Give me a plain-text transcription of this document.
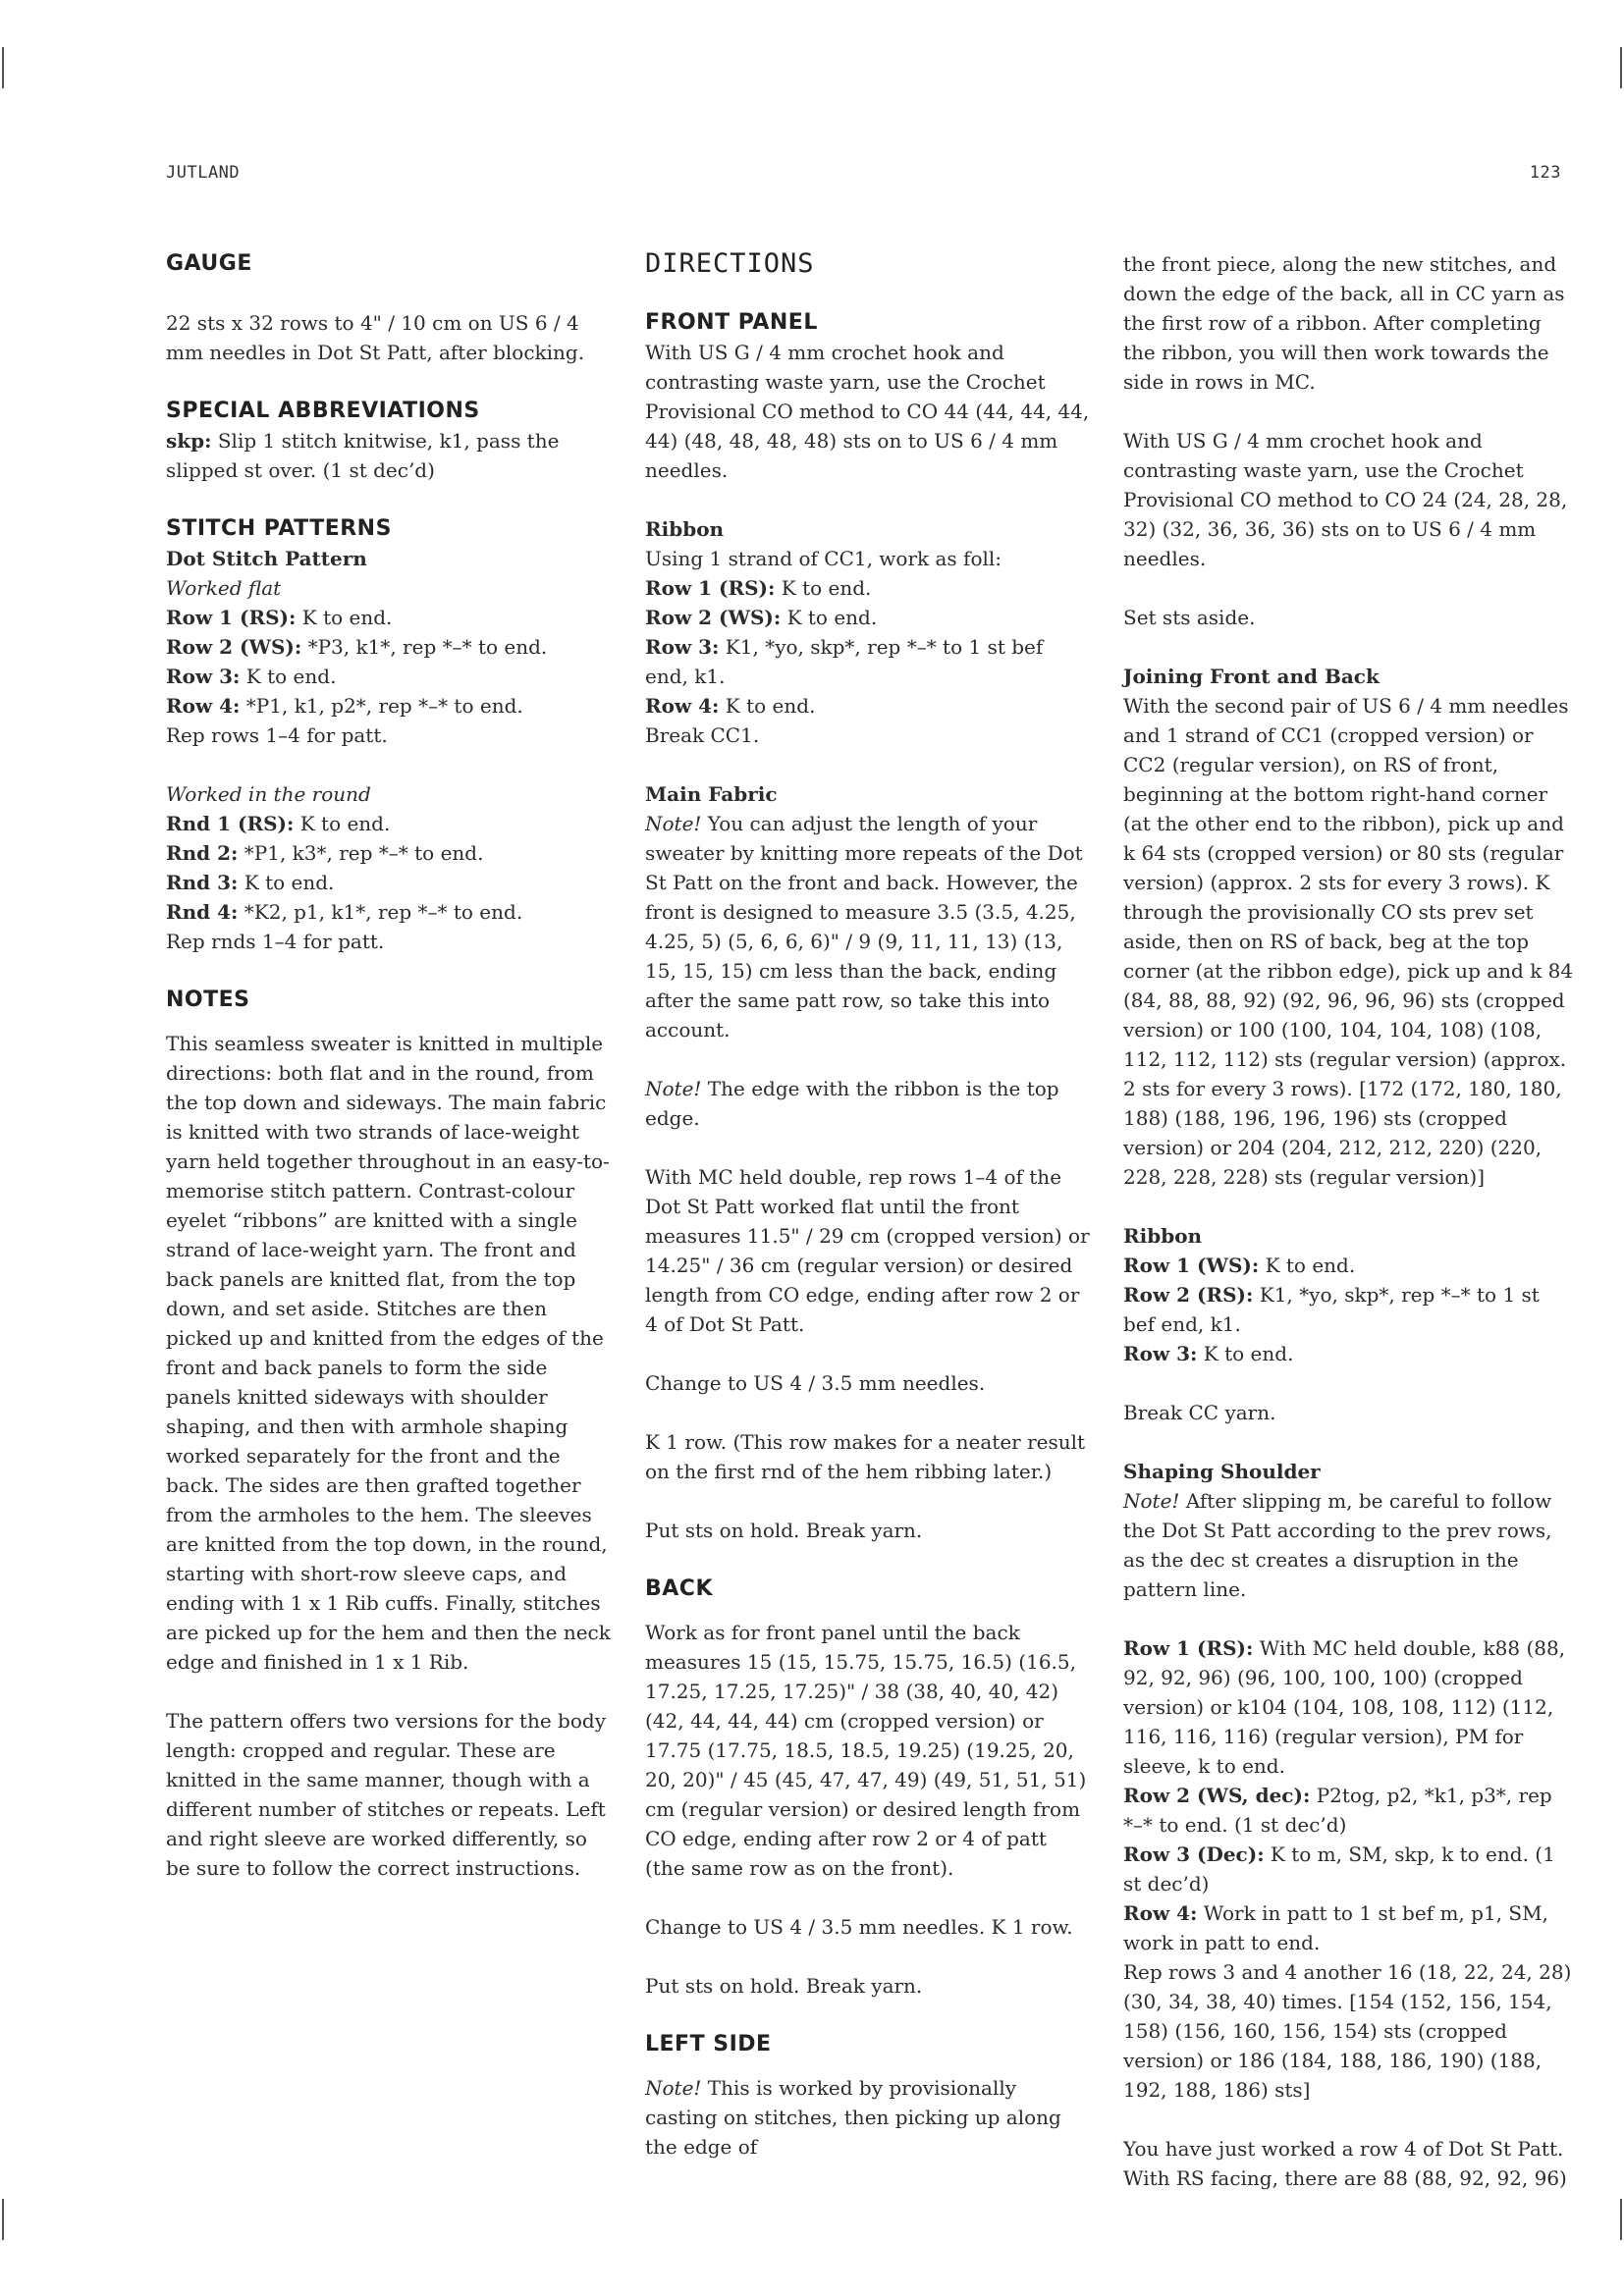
JUTLAND	123
GAUGE

22 sts x 32 rows to 4" / 10 cm on US 6 / 4 mm needles in Dot St Patt, after blocking.

SPECIAL ABBREVIATIONS

skp: Slip 1 stitch knitwise, k1, pass the slipped st over. (1 st dec’d)

STITCH PATTERNS
Dot Stitch Pattern

Worked flat

Row 1 (RS): K to end.

Row 2 (WS): *P3, k1*, rep *–* to end.

Row 3: K to end.

Row 4: *P1, k1, p2*, rep *–* to end.

Rep rows 1–4 for patt.

Worked in the round

Rnd 1 (RS): K to end.

Rnd 2: *P1, k3*, rep *–* to end.

Rnd 3: K to end.

Rnd 4: *K2, p1, k1*, rep *–* to end.

Rep rnds 1–4 for patt.

NOTES

This seamless sweater is knitted in multiple directions: both flat and in the round, from the top down and sideways. The main fabric is knitted with two strands of lace-weight yarn held together throughout in an easy-to-memorise stitch pattern. Contrast-colour eyelet “ribbons” are knitted with a single strand of lace-weight yarn. The front and back panels are knitted flat, from the top down, and set aside. Stitches are then picked up and knitted from the edges of the front and back panels to form the side panels knitted sideways with shoulder shaping, and then with armhole shaping worked separately for the front and the back. The sides are then grafted together from the armholes to the hem. The sleeves are knitted from the top down, in the round, starting with short-row sleeve caps, and ending with 1 x 1 Rib cuffs. Finally, stitches are picked up for the hem and then the neck edge and finished in 1 x 1 Rib.

The pattern offers two versions for the body length: cropped and regular. These are knitted in the same manner, though with a different number of stitches or repeats. Left and right sleeve are worked differently, so be sure to follow the correct instructions.

DIRECTIONS
FRONT PANEL

With US G / 4 mm crochet hook and contrasting waste yarn, use the Crochet Provisional CO method to CO 44 (44, 44, 44, 44) (48, 48, 48, 48) sts on to US 6 / 4 mm needles.

Ribbon

Using 1 strand of CC1, work as foll:

Row 1 (RS): K to end.

Row 2 (WS): K to end.

Row 3: K1, *yo, skp*, rep *–* to 1 st bef end, k1.

Row 4: K to end.

Break CC1.

Main Fabric

Note! You can adjust the length of your sweater by knitting more repeats of the Dot St Patt on the front and back. However, the front is designed to measure 3.5 (3.5, 4.25, 4.25, 5) (5, 6, 6, 6)" / 9 (9, 11, 11, 13) (13, 15, 15, 15) cm less than the back, ending after the same patt row, so take this into account.

Note! The edge with the ribbon is the top edge.

With MC held double, rep rows 1–4 of the Dot St Patt worked flat until the front measures 11.5" / 29 cm (cropped version) or 14.25" / 36 cm (regular version) or desired length from CO edge, ending after row 2 or 4 of Dot St Patt.

Change to US 4 / 3.5 mm needles.

K 1 row. (This row makes for a neater result on the first rnd of the hem ribbing later.)

Put sts on hold. Break yarn.

BACK

Work as for front panel until the back measures 15 (15, 15.75, 15.75, 16.5) (16.5, 17.25, 17.25, 17.25)" / 38 (38, 40, 40, 42) (42, 44, 44, 44) cm (cropped version) or 17.75 (17.75, 18.5, 18.5, 19.25) (19.25, 20, 20, 20)" / 45 (45, 47, 47, 49) (49, 51, 51, 51) cm (regular version) or desired length from CO edge, ending after row 2 or 4 of patt (the same row as on the front).

Change to US 4 / 3.5 mm needles. K 1 row.

Put sts on hold. Break yarn.

LEFT SIDE

Note! This is worked by provisionally casting on stitches, then picking up along the edge of

the front piece, along the new stitches, and down the edge of the back, all in CC yarn as the first row of a ribbon. After completing the ribbon, you will then work towards the side in rows in MC.

With US G / 4 mm crochet hook and contrasting waste yarn, use the Crochet Provisional CO method to CO 24 (24, 28, 28, 32) (32, 36, 36, 36) sts on to US 6 / 4 mm needles.

Set sts aside.

Joining Front and Back

With the second pair of US 6 / 4 mm needles and 1 strand of CC1 (cropped version) or CC2 (regular version), on RS of front, beginning at the bottom right-hand corner (at the other end to the ribbon), pick up and k 64 sts (cropped version) or 80 sts (regular version) (approx. 2 sts for every 3 rows). K through the provisionally CO sts prev set aside, then on RS of back, beg at the top corner (at the ribbon edge), pick up and k 84 (84, 88, 88, 92) (92, 96, 96, 96) sts (cropped version) or 100 (100, 104, 104, 108) (108, 112, 112, 112) sts (regular version) (approx. 2 sts for every 3 rows). [172 (172, 180, 180, 188) (188, 196, 196, 196) sts (cropped version) or 204 (204, 212, 212, 220) (220, 228, 228, 228) sts (regular version)]

Ribbon

Row 1 (WS): K to end.

Row 2 (RS): K1, *yo, skp*, rep *–* to 1 st bef end, k1.

Row 3: K to end.

Break CC yarn.

Shaping Shoulder

Note! After slipping m, be careful to follow the Dot St Patt according to the prev rows, as the dec st creates a disruption in the pattern line.

Row 1 (RS): With MC held double, k88 (88, 92, 92, 96) (96, 100, 100, 100) (cropped version) or k104 (104, 108, 108, 112) (112, 116, 116, 116) (regular version), PM for sleeve, k to end.

Row 2 (WS, dec): P2tog, p2, *k1, p3*, rep *–* to end. (1 st dec’d)

Row 3 (Dec): K to m, SM, skp, k to end. (1 st dec’d)

Row 4: Work in patt to 1 st bef m, p1, SM, work in patt to end.

Rep rows 3 and 4 another 16 (18, 22, 24, 28) (30, 34, 38, 40) times. [154 (152, 156, 154, 158) (156, 160, 156, 154) sts (cropped version) or 186 (184, 188, 186, 190) (188, 192, 188, 186) sts]

You have just worked a row 4 of Dot St Patt. With RS facing, there are 88 (88, 92, 92, 96)
